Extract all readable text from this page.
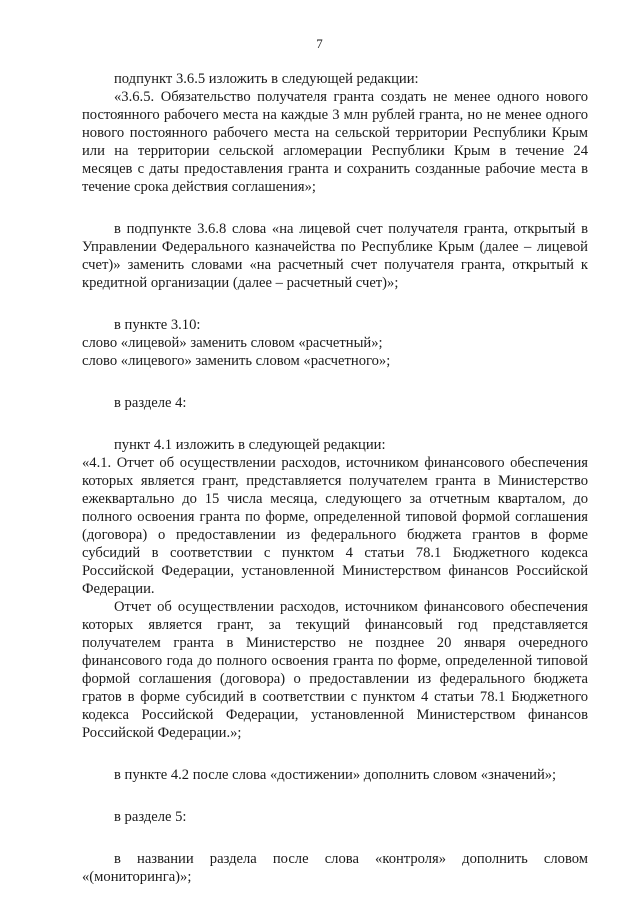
7

подпункт 3.6.5 изложить в следующей редакции:

«3.6.5. Обязательство получателя гранта создать не менее одного нового постоянного рабочего места на каждые 3 млн рублей гранта, но не менее одного нового постоянного рабочего места на сельской территории Республики Крым или на территории сельской агломерации Республики Крым в течение 24 месяцев с даты предоставления гранта и сохранить созданные рабочие места в течение срока действия соглашения»;

в подпункте 3.6.8 слова «на лицевой счет получателя гранта, открытый в Управлении Федерального казначейства по Республике Крым (далее – лицевой счет)» заменить словами «на расчетный счет получателя гранта, открытый к кредитной организации (далее – расчетный счет)»;

в пункте 3.10:

слово «лицевой» заменить словом «расчетный»;

слово «лицевого» заменить словом «расчетного»;

в разделе 4:

пункт 4.1 изложить в следующей редакции:

«4.1. Отчет об осуществлении расходов, источником финансового обеспечения которых является грант, представляется получателем гранта в Министерство ежеквартально до 15 числа месяца, следующего за отчетным кварталом, до полного освоения гранта по форме, определенной типовой формой соглашения (договора) о предоставлении из федерального бюджета грантов в форме субсидий в соответствии с пунктом 4 статьи 78.1 Бюджетного кодекса Российской Федерации, установленной Министерством финансов Российской Федерации.

Отчет об осуществлении расходов, источником финансового обеспечения которых является грант, за текущий финансовый год представляется получателем гранта в Министерство не позднее 20 января очередного финансового года до полного освоения гранта по форме, определенной типовой формой соглашения (договора) о предоставлении из федерального бюджета гратов в форме субсидий в соответствии с пунктом 4 статьи 78.1 Бюджетного кодекса Российской Федерации, установленной Министерством финансов Российской Федерации.»;

в пункте 4.2 после слова «достижении» дополнить словом «значений»;

в разделе 5:

в названии раздела после слова «контроля» дополнить словом «(мониторинга)»;
